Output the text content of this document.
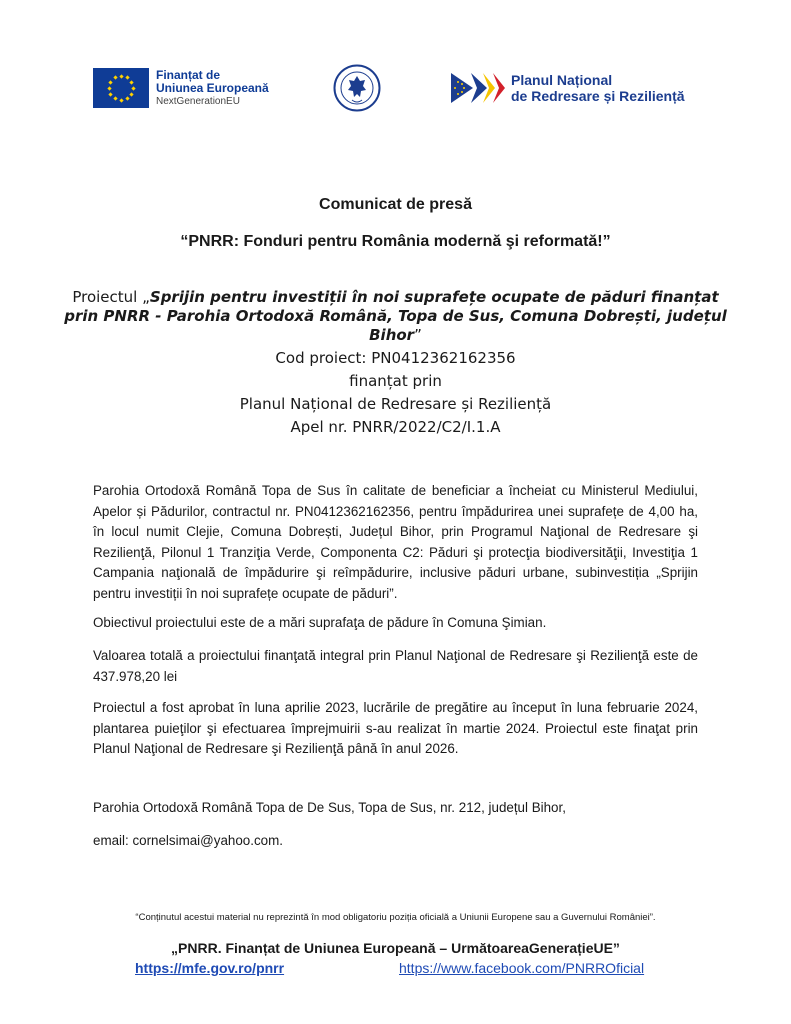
Finanțat de
Uniunea Europeană
NextGenerationEU
Planul Național
de Redresare și Reziliență
Comunicat de presă
“PNRR: Fonduri pentru România modernă şi reformată!”
Proiectul „Sprijin pentru investiții în noi suprafețe ocupate de păduri finanțat prin PNRR - Parohia Ortodoxă Română, Topa de Sus, Comuna Dobrești, județul Bihor”
Cod proiect: PN0412362162356
finanțat prin
Planul Național de Redresare și Reziliență
Apel nr. PNRR/2022/C2/I.1.A

Parohia Ortodoxă Română Topa de Sus în calitate de beneficiar a încheiat cu Ministerul Mediului, Apelor și Pădurilor, contractul nr. PN0412362162356, pentru împădurirea unei suprafețe de 4,00 ha, în locul numit Clejie, Comuna Dobrești, Județul Bihor, prin Programul Naţional de Redresare şi Rezilienţă, Pilonul 1 Tranziţia Verde, Componenta C2: Păduri şi protecţia biodiversităţii, Investiţia 1 Campania naţională de împădurire şi reîmpădurire, inclusive păduri urbane, subinvestiția „Sprijin pentru investiții în noi suprafețe ocupate de păduri”.

Obiectivul proiectului este de a mări suprafaţa de pădure în Comuna Şimian.

Valoarea totală a proiectului finanţată integral prin Planul Naţional de Redresare şi Rezilienţă este de 437.978,20 lei

Proiectul a fost aprobat în luna aprilie 2023, lucrările de pregătire au început în luna februarie 2024, plantarea puieţilor şi efectuarea împrejmuirii s-au realizat în martie 2024. Proiectul este finaţat prin Planul Naţional de Redresare şi Rezilienţă până în anul 2026.

Parohia Ortodoxă Română Topa de De Sus, Topa de Sus, nr. 212, județul Bihor,

email: cornelsimai@yahoo.com.

“Conținutul acestui material nu reprezintă în mod obligatoriu poziția oficială a Uniunii Europene sau a Guvernului României”.
„PNRR. Finanțat de Uniunea Europeană – UrmătoareaGenerațieUE”
https://mfe.gov.ro/pnrr	https://www.facebook.com/PNRROficial
